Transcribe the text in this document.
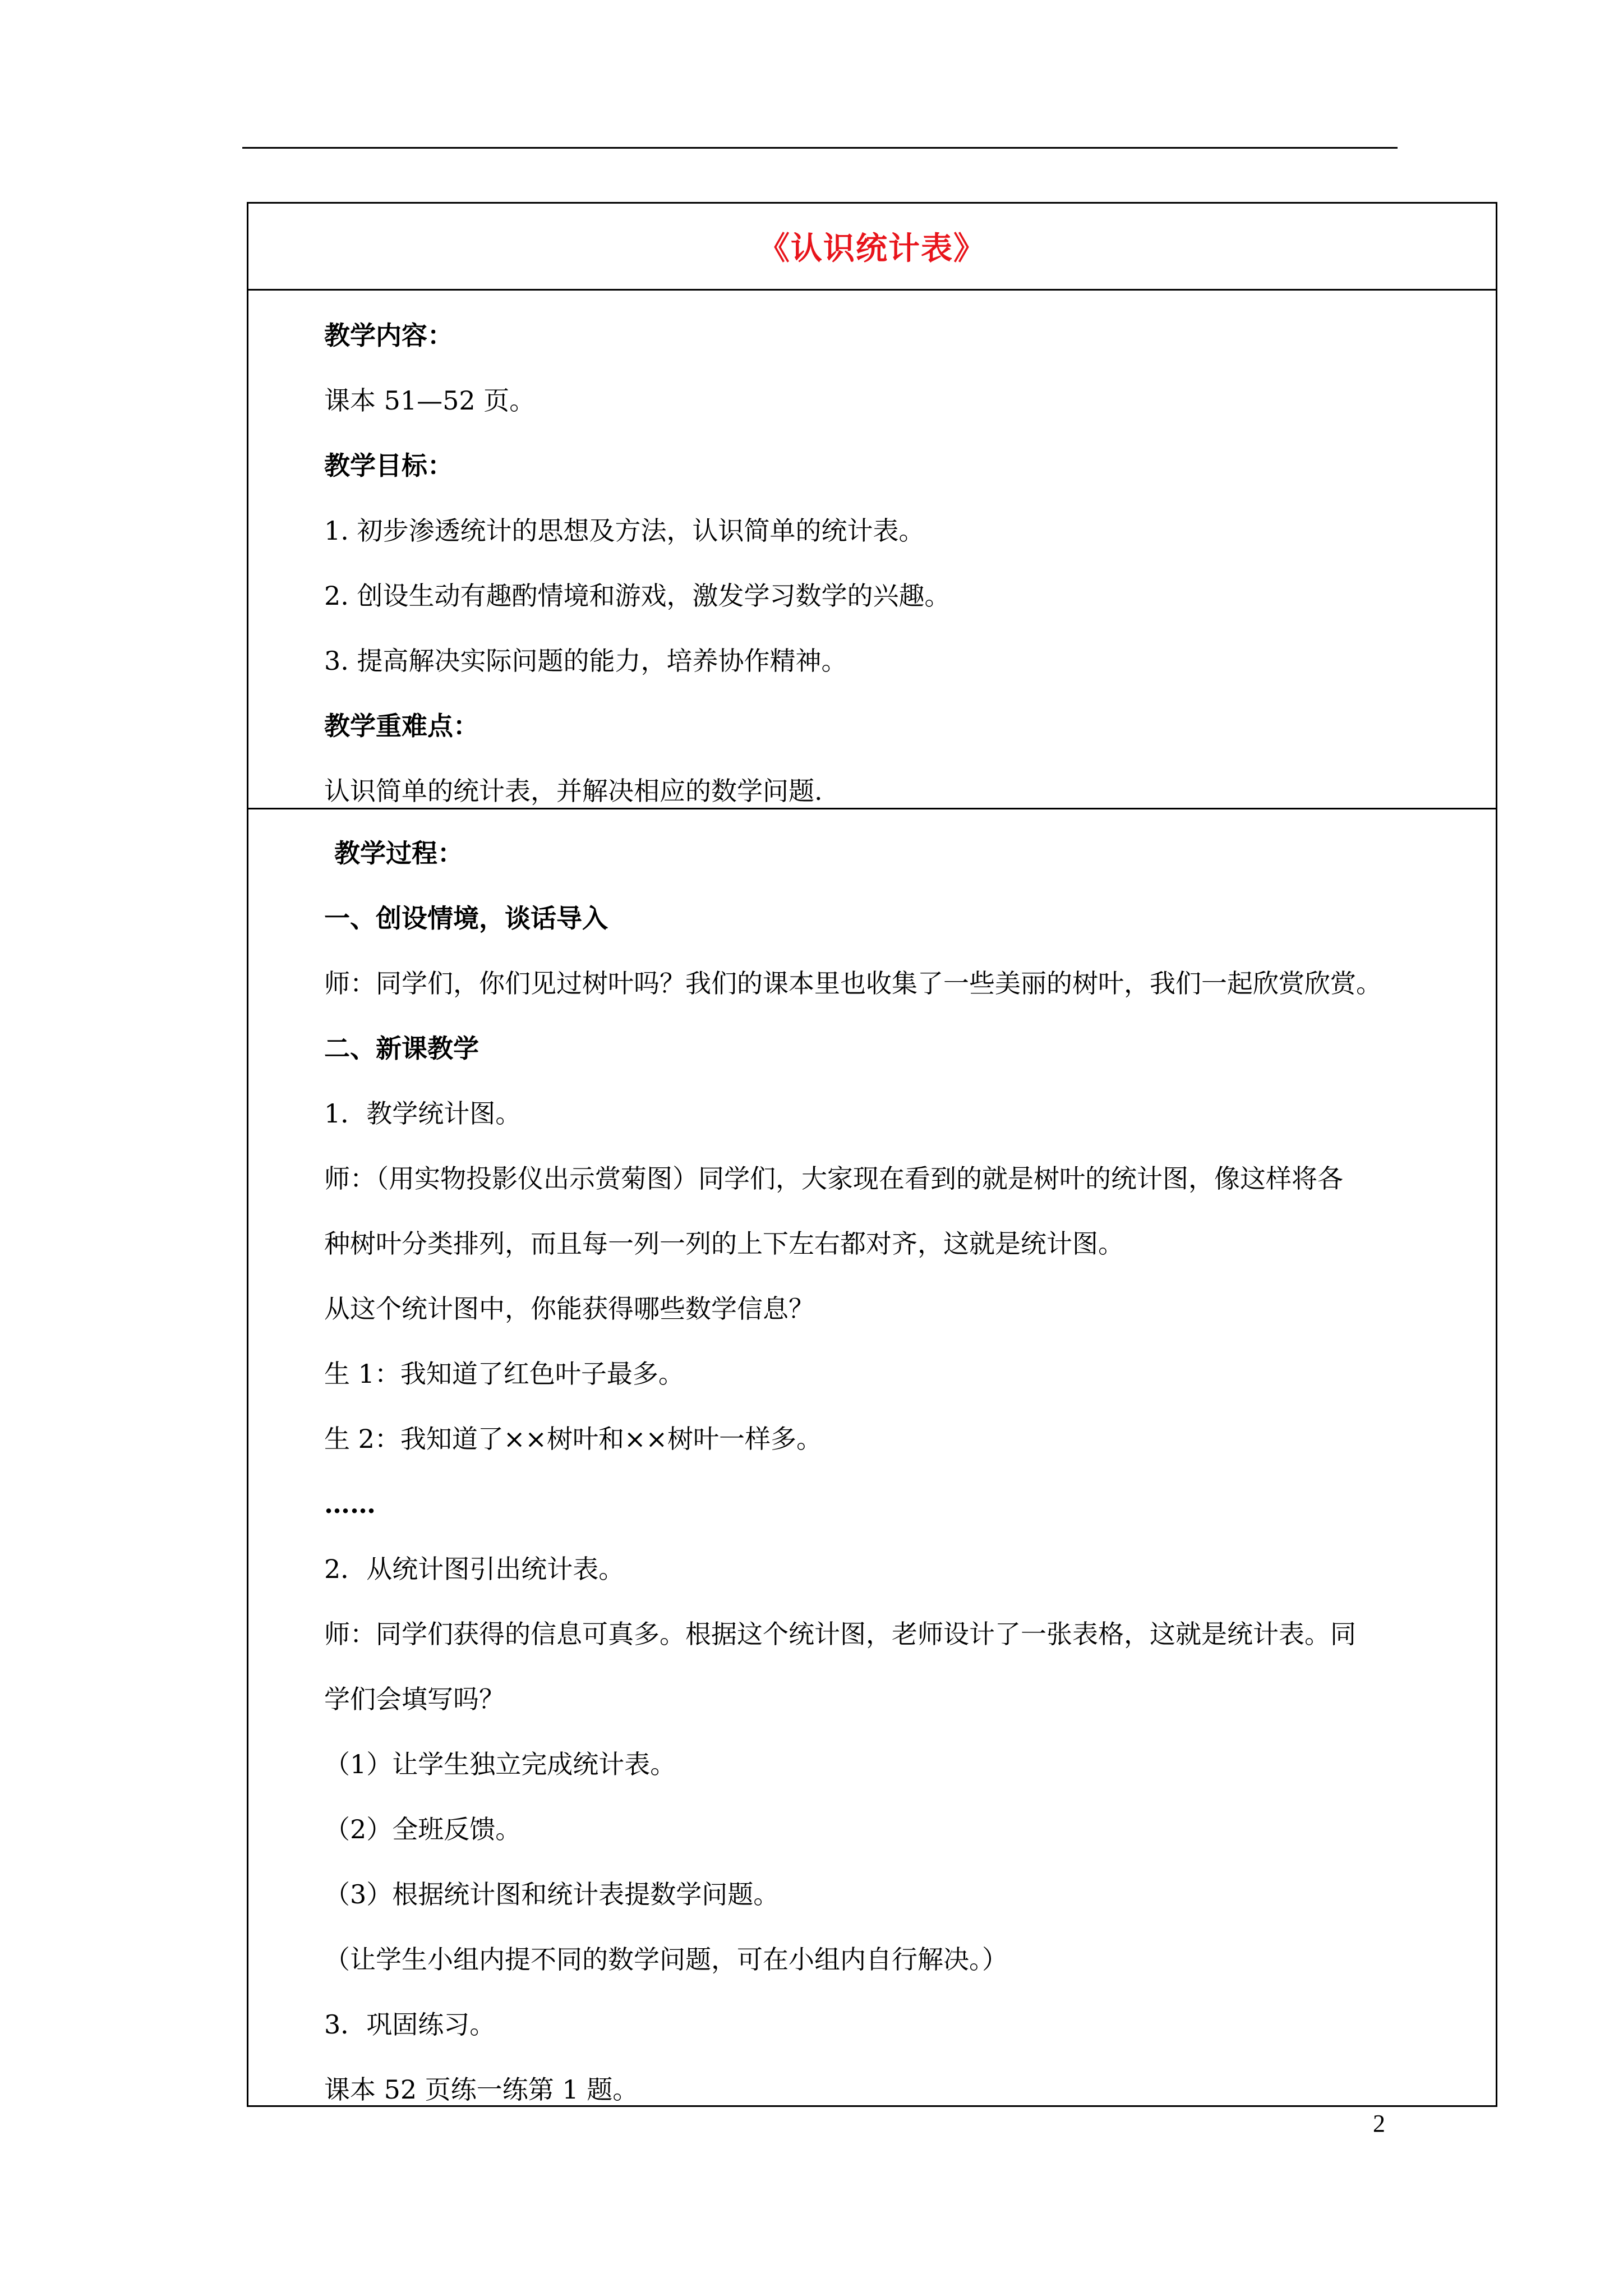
《认识统计表》
教学内容：
课本 51—52 页。
教学目标：
1. 初步渗透统计的思想及方法，认识简单的统计表。
2. 创设生动有趣酌情境和游戏，激发学习数学的兴趣。
3. 提高解决实际问题的能力，培养协作精神。
教学重难点：
认识简单的统计表，并解决相应的数学问题.
教学过程：
一、创设情境，谈话导入
师：同学们，你们见过树叶吗？我们的课本里也收集了一些美丽的树叶，我们一起欣赏欣赏。
二、新课教学
1．教学统计图。
师：（用实物投影仪出示赏菊图）同学们，大家现在看到的就是树叶的统计图，像这样将各
种树叶分类排列，而且每一列一列的上下左右都对齐，这就是统计图。
从这个统计图中，你能获得哪些数学信息？
生 1：我知道了红色叶子最多。
生 2：我知道了××树叶和××树叶一样多。
……
2．从统计图引出统计表。
师：同学们获得的信息可真多。根据这个统计图，老师设计了一张表格，这就是统计表。同
学们会填写吗？
（1）让学生独立完成统计表。
（2）全班反馈。
（3）根据统计图和统计表提数学问题。
（让学生小组内提不同的数学问题，可在小组内自行解决。）
3．巩固练习。
课本 52 页练一练第 1 题。
2
